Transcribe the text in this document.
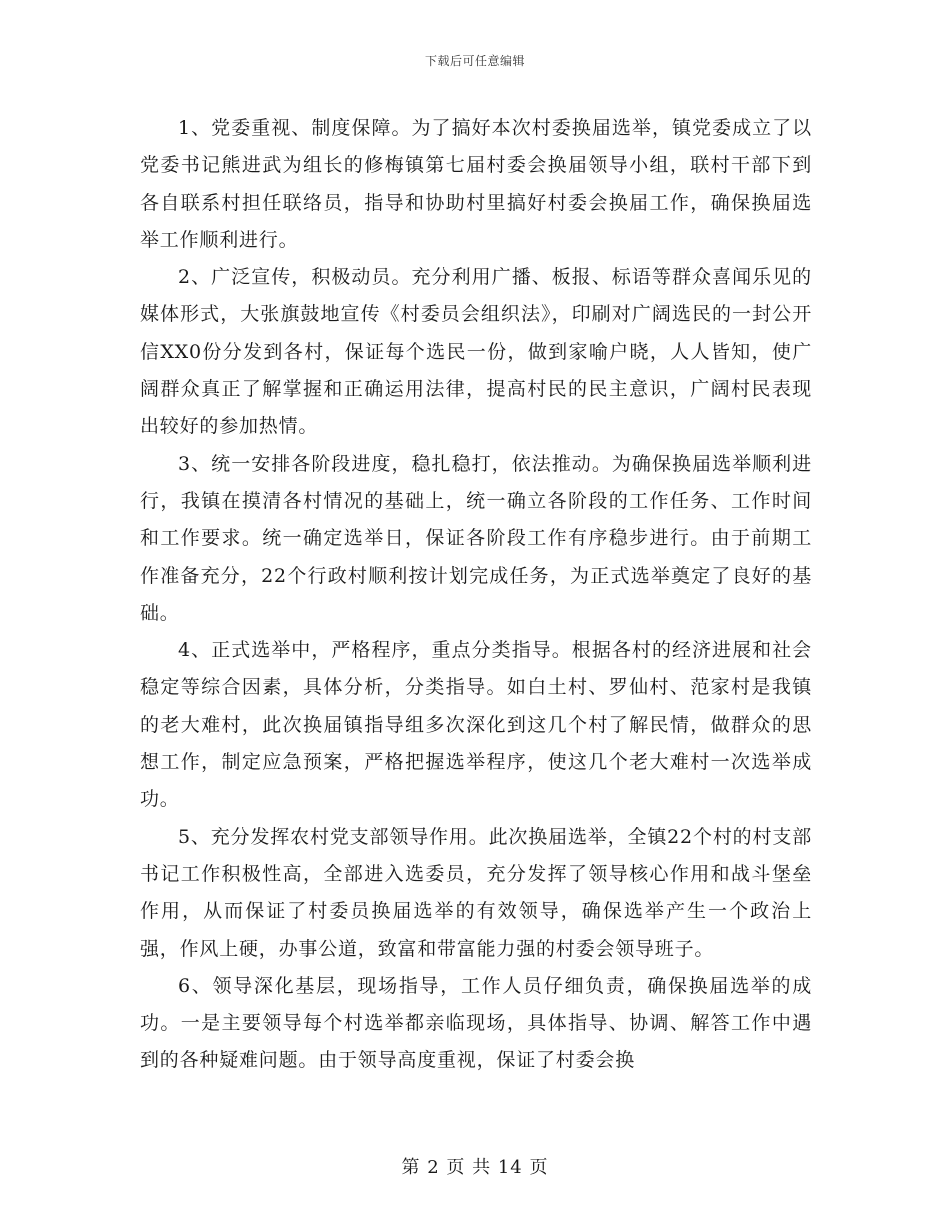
下载后可任意编辑

1、党委重视、制度保障。为了搞好本次村委换届选举，镇党委成立了以党委书记熊进武为组长的修梅镇第七届村委会换届领导小组，联村干部下到各自联系村担任联络员，指导和协助村里搞好村委会换届工作，确保换届选举工作顺利进行。

2、广泛宣传，积极动员。充分利用广播、板报、标语等群众喜闻乐见的媒体形式，大张旗鼓地宣传《村委员会组织法》，印刷对广阔选民的一封公开信XX0份分发到各村，保证每个选民一份，做到家喻户晓，人人皆知，使广阔群众真正了解掌握和正确运用法律，提高村民的民主意识，广阔村民表现出较好的参加热情。

3、统一安排各阶段进度，稳扎稳打，依法推动。为确保换届选举顺利进行，我镇在摸清各村情况的基础上，统一确立各阶段的工作任务、工作时间和工作要求。统一确定选举日，保证各阶段工作有序稳步进行。由于前期工作准备充分，22个行政村顺利按计划完成任务，为正式选举奠定了良好的基础。

4、正式选举中，严格程序，重点分类指导。根据各村的经济进展和社会稳定等综合因素，具体分析，分类指导。如白土村、罗仙村、范家村是我镇的老大难村，此次换届镇指导组多次深化到这几个村了解民情，做群众的思想工作，制定应急预案，严格把握选举程序，使这几个老大难村一次选举成功。

5、充分发挥农村党支部领导作用。此次换届选举，全镇22个村的村支部书记工作积极性高，全部进入选委员，充分发挥了领导核心作用和战斗堡垒作用，从而保证了村委员换届选举的有效领导，确保选举产生一个政治上强，作风上硬，办事公道，致富和带富能力强的村委会领导班子。

6、领导深化基层，现场指导，工作人员仔细负责，确保换届选举的成功。一是主要领导每个村选举都亲临现场，具体指导、协调、解答工作中遇到的各种疑难问题。由于领导高度重视，保证了村委会换

第 2 页 共 14 页
